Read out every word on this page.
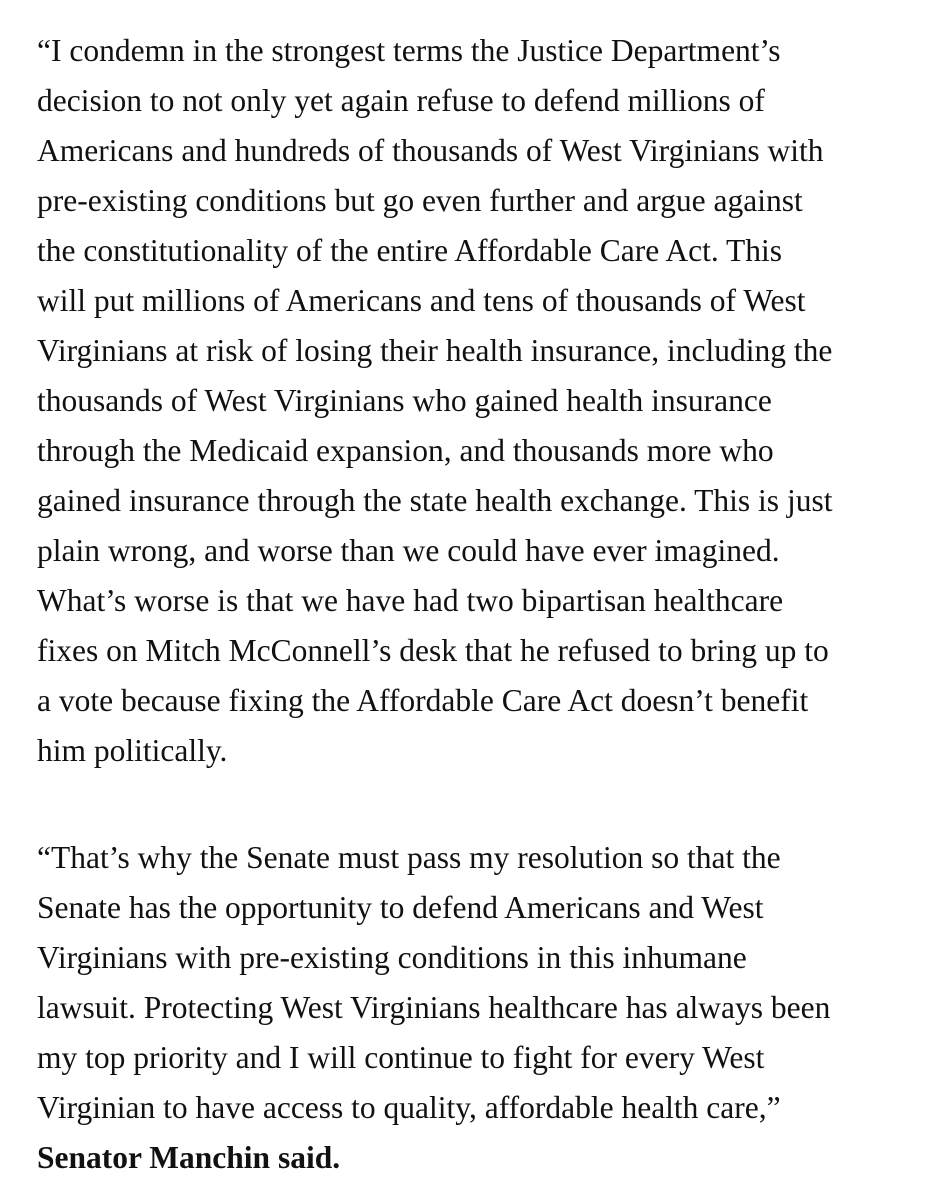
“I condemn in the strongest terms the Justice Department’s

decision to not only yet again refuse to defend millions of

Americans and hundreds of thousands of West Virginians with

pre-existing conditions but go even further and argue against

the constitutionality of the entire Affordable Care Act. This

will put millions of Americans and tens of thousands of West

Virginians at risk of losing their health insurance, including the

thousands of West Virginians who gained health insurance

through the Medicaid expansion, and thousands more who

gained insurance through the state health exchange. This is just

plain wrong, and worse than we could have ever imagined.

What’s worse is that we have had two bipartisan healthcare

fixes on Mitch McConnell’s desk that he refused to bring up to

a vote because fixing the Affordable Care Act doesn’t benefit

him politically.

“That’s why the Senate must pass my resolution so that the

Senate has the opportunity to defend Americans and West

Virginians with pre-existing conditions in this inhumane

lawsuit. Protecting West Virginians healthcare has always been

my top priority and I will continue to fight for every West

Virginian to have access to quality, affordable health care,”

Senator Manchin said.
